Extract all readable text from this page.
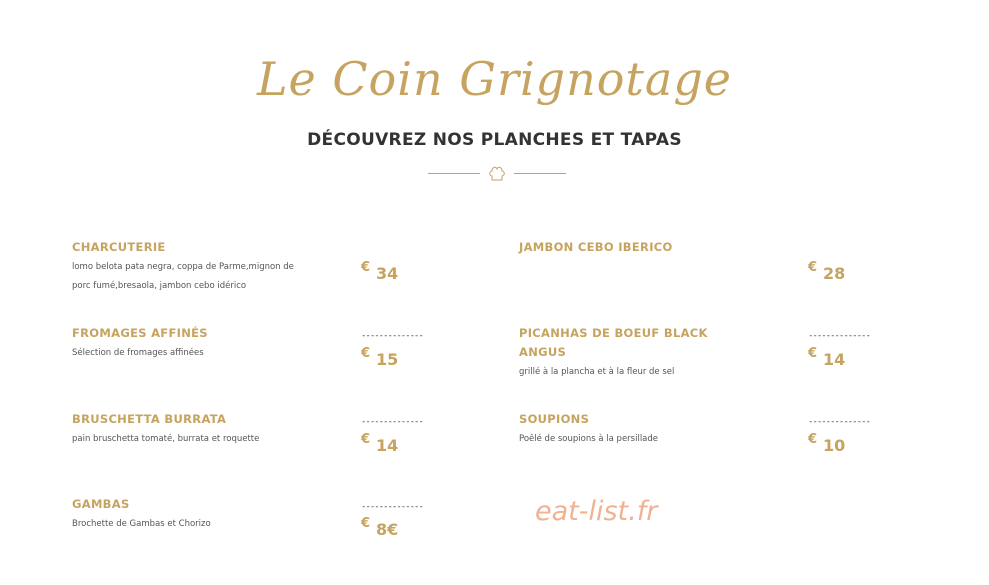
Le Coin Grignotage
DÉCOUVREZ NOS PLANCHES ET TAPAS
CHARCUTERIE
lomo belota pata negra, coppa de Parme,mignon de porc fumé,bresaola, jambon cebo idérico
€ 34
JAMBON CEBO IBERICO
€ 28
FROMAGES AFFINÉS
Sélection de fromages affinées
--------------
€ 15
PICANHAS DE BOEUF BLACK ANGUS
grillé à la plancha et à la fleur de sel
--------------
€ 14
BRUSCHETTA BURRATA
pain bruschetta tomaté, burrata et roquette
--------------
€ 14
SOUPIONS
Poêlé de soupions à la persillade
--------------
€ 10
GAMBAS
Brochette de Gambas et Chorizo
--------------
€ 8€
eat-list.fr
